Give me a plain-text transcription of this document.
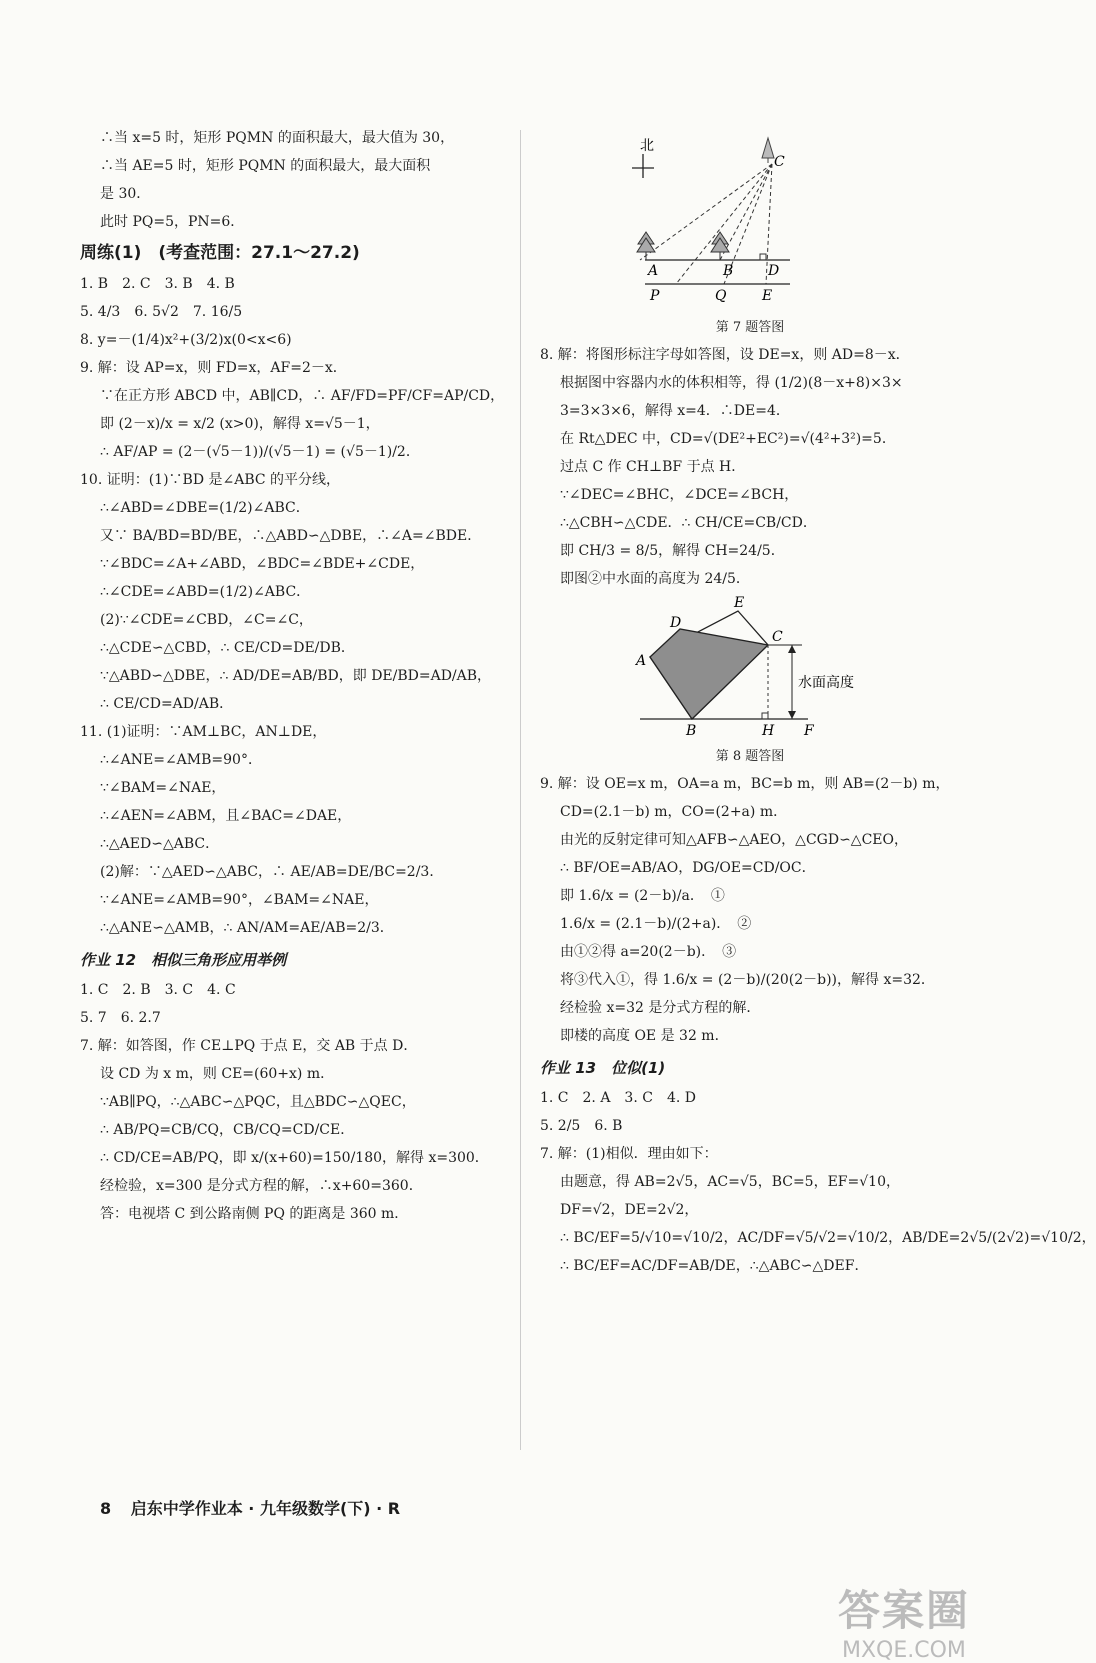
∴当 x=5 时，矩形 PQMN 的面积最大，最大值为 30，
∴当 AE=5 时，矩形 PQMN 的面积最大，最大面积
是 30．
此时 PQ=5，PN=6．
周练(1)　(考查范围：27.1～27.2)
1. B　2. C　3. B　4. B
5. 4/3　6. 5√2　7. 16/5
8. y=－(1/4)x²+(3/2)x(0<x<6)
9. 解：设 AP=x，则 FD=x，AF=2－x．
∵在正方形 ABCD 中，AB∥CD，∴ AF/FD=PF/CF=AP/CD，
即 (2－x)/x = x/2 (x>0)，解得 x=√5－1，
∴ AF/AP = (2－(√5－1))/(√5－1) = (√5－1)/2．
10. 证明：(1)∵BD 是∠ABC 的平分线，
∴∠ABD=∠DBE=(1/2)∠ABC．
又∵ BA/BD=BD/BE，∴△ABD∽△DBE，∴∠A=∠BDE．
∵∠BDC=∠A+∠ABD，∠BDC=∠BDE+∠CDE，
∴∠CDE=∠ABD=(1/2)∠ABC．
(2)∵∠CDE=∠CBD，∠C=∠C，
∴△CDE∽△CBD，∴ CE/CD=DE/DB．
∵△ABD∽△DBE，∴ AD/DE=AB/BD，即 DE/BD=AD/AB，
∴ CE/CD=AD/AB．
11. (1)证明：∵AM⊥BC，AN⊥DE，
∴∠ANE=∠AMB=90°．
∵∠BAM=∠NAE，
∴∠AEN=∠ABM，且∠BAC=∠DAE，
∴△AED∽△ABC．
(2)解：∵△AED∽△ABC，∴ AE/AB=DE/BC=2/3．
∵∠ANE=∠AMB=90°，∠BAM=∠NAE，
∴△ANE∽△AMB，∴ AN/AM=AE/AB=2/3．
作业 12　相似三角形应用举例
1. C　2. B　3. C　4. C
5. 7　6. 2.7
7. 解：如答图，作 CE⊥PQ 于点 E，交 AB 于点 D．
设 CD 为 x m，则 CE=(60+x) m．
∵AB∥PQ，∴△ABC∽△PQC，且△BDC∽△QEC，
∴ AB/PQ=CB/CQ，CB/CQ=CD/CE．
∴ CD/CE=AB/PQ，即 x/(x+60)=150/180，解得 x=300．
经检验，x=300 是分式方程的解，∴x+60=360．
答：电视塔 C 到公路南侧 PQ 的距离是 360 m．
北
C
A	B D
P	Q	E
第 7 题答图
8. 解：将图形标注字母如答图，设 DE=x，则 AD=8－x．
根据图中容器内水的体积相等，得 (1/2)(8－x+8)×3×
3=3×3×6，解得 x=4．∴DE=4．
在 Rt△DEC 中，CD=√(DE²+EC²)=√(4²+3²)=5．
过点 C 作 CH⊥BF 于点 H．
∵∠DEC=∠BHC，∠DCE=∠BCH，
∴△CBH∽△CDE．∴ CH/CE=CB/CD．
即 CH/3 = 8/5，解得 CH=24/5．
即图②中水面的高度为 24/5．
水面高度
A
B
C
D
E
F
H
第 8 题答图
9. 解：设 OE=x m，OA=a m，BC=b m，则 AB=(2－b) m，
CD=(2.1－b) m，CO=(2+a) m．
由光的反射定律可知△AFB∽△AEO，△CGD∽△CEO，
∴ BF/OE=AB/AO，DG/OE=CD/OC．
即 1.6/x = (2－b)/a．　①
1.6/x = (2.1－b)/(2+a)．　②
由①②得 a=20(2－b)．　③
将③代入①，得 1.6/x = (2－b)/(20(2－b))，解得 x=32．
经检验 x=32 是分式方程的解．
即楼的高度 OE 是 32 m．
作业 13　位似(1)
1. C　2. A　3. C　4. D
5. 2/5　6. B
7. 解：(1)相似．理由如下：
由题意，得 AB=2√5，AC=√5，BC=5，EF=√10，
DF=√2，DE=2√2，
∴ BC/EF=5/√10=√10/2，AC/DF=√5/√2=√10/2，AB/DE=2√5/(2√2)=√10/2，
∴ BC/EF=AC/DF=AB/DE，∴△ABC∽△DEF．
8 启东中学作业本 · 九年级数学(下) · R
答案圈
MXQE.COM
